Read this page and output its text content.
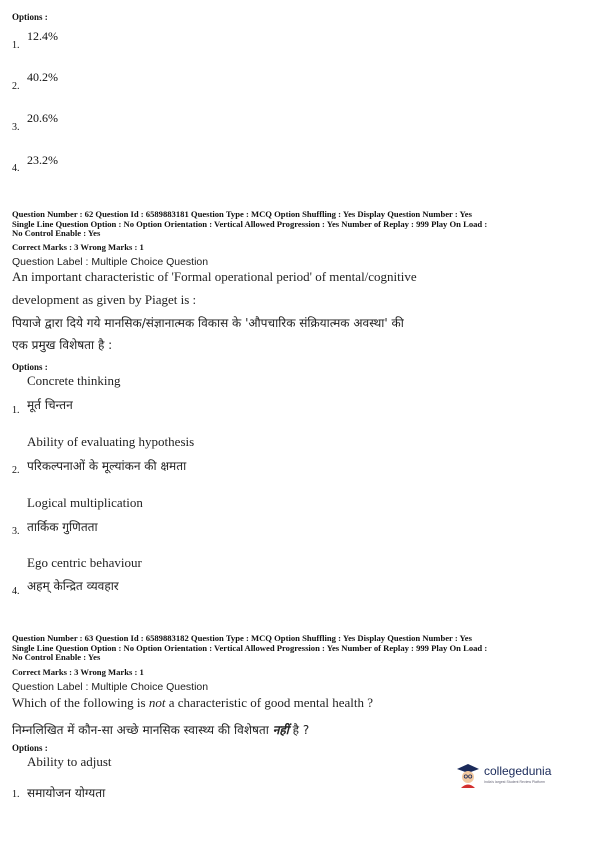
Options :
1.
12.4%
2.
40.2%
3.
20.6%
4.
23.2%
Question Number : 62 Question Id : 6589883181 Question Type : MCQ Option Shuffling : Yes Display Question Number : Yes
Single Line Question Option : No Option Orientation : Vertical Allowed Progression : Yes Number of Replay : 999 Play On Load :
No Control Enable : Yes
Correct Marks : 3 Wrong Marks : 1
Question Label : Multiple Choice Question
An important characteristic of 'Formal operational period' of mental/cognitive
development as given by Piaget is :
पियाजे द्वारा दिये गये मानसिक/संज्ञानात्मक विकास के 'औपचारिक संक्रियात्मक अवस्था' की
एक प्रमुख विशेषता है :
Options :
Concrete thinking
मूर्त चिन्तन
1.
Ability of evaluating hypothesis
परिकल्पनाओं के मूल्यांकन की क्षमता
2.
Logical multiplication
तार्किक गुणितता
3.
Ego centric behaviour
अहम् केन्द्रित व्यवहार
4.
Question Number : 63 Question Id : 6589883182 Question Type : MCQ Option Shuffling : Yes Display Question Number : Yes
Single Line Question Option : No Option Orientation : Vertical Allowed Progression : Yes Number of Replay : 999 Play On Load :
No Control Enable : Yes
Correct Marks : 3 Wrong Marks : 1
Question Label : Multiple Choice Question
Which of the following is not a characteristic of good mental health ?
निम्नलिखित में कौन-सा अच्छे मानसिक स्वास्थ्य की विशेषता नहीं है ?
Options :
Ability to adjust
1. समायोजन योग्यता
collegedunia
India's largest Student Review Platform
